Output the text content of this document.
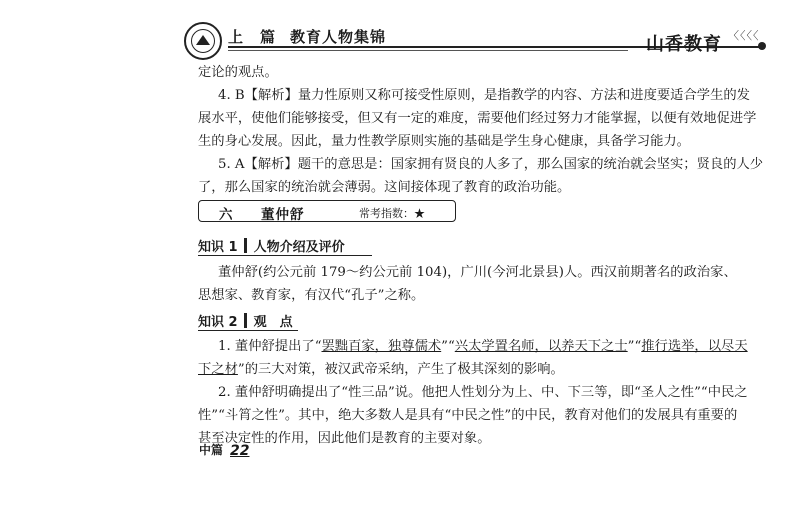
上　篇 教育人物集锦	山香教育 〈〈〈〈
定论的观点。
4. B【解析】量力性原则又称可接受性原则，是指教学的内容、方法和进度要适合学生的发
展水平，使他们能够接受，但又有一定的难度，需要他们经过努力才能掌握，以便有效地促进学
生的身心发展。因此，量力性教学原则实施的基础是学生身心健康，具备学习能力。
5. A【解析】题干的意思是：国家拥有贤良的人多了，那么国家的统治就会坚实；贤良的人少
了，那么国家的统治就会薄弱。这间接体现了教育的政治功能。
六 董仲舒	常考指数：★
知识 1 人物介绍及评价
董仲舒(约公元前 179～约公元前 104)，广川(今河北景县)人。西汉前期著名的政治家、
思想家、教育家，有汉代“孔子”之称。
知识 2 观　点
1. 董仲舒提出了“罢黜百家，独尊儒术”“兴太学置名师，以养天下之士”“推行选举，以尽天
下之材”的三大对策，被汉武帝采纳，产生了极其深刻的影响。
2. 董仲舒明确提出了“性三品”说。他把人性划分为上、中、下三等，即“圣人之性”“中民之
性”“斗筲之性”。其中，绝大多数人是具有“中民之性”的中民，教育对他们的发展具有重要的
甚至决定性的作用，因此他们是教育的主要对象。
中篇 22
